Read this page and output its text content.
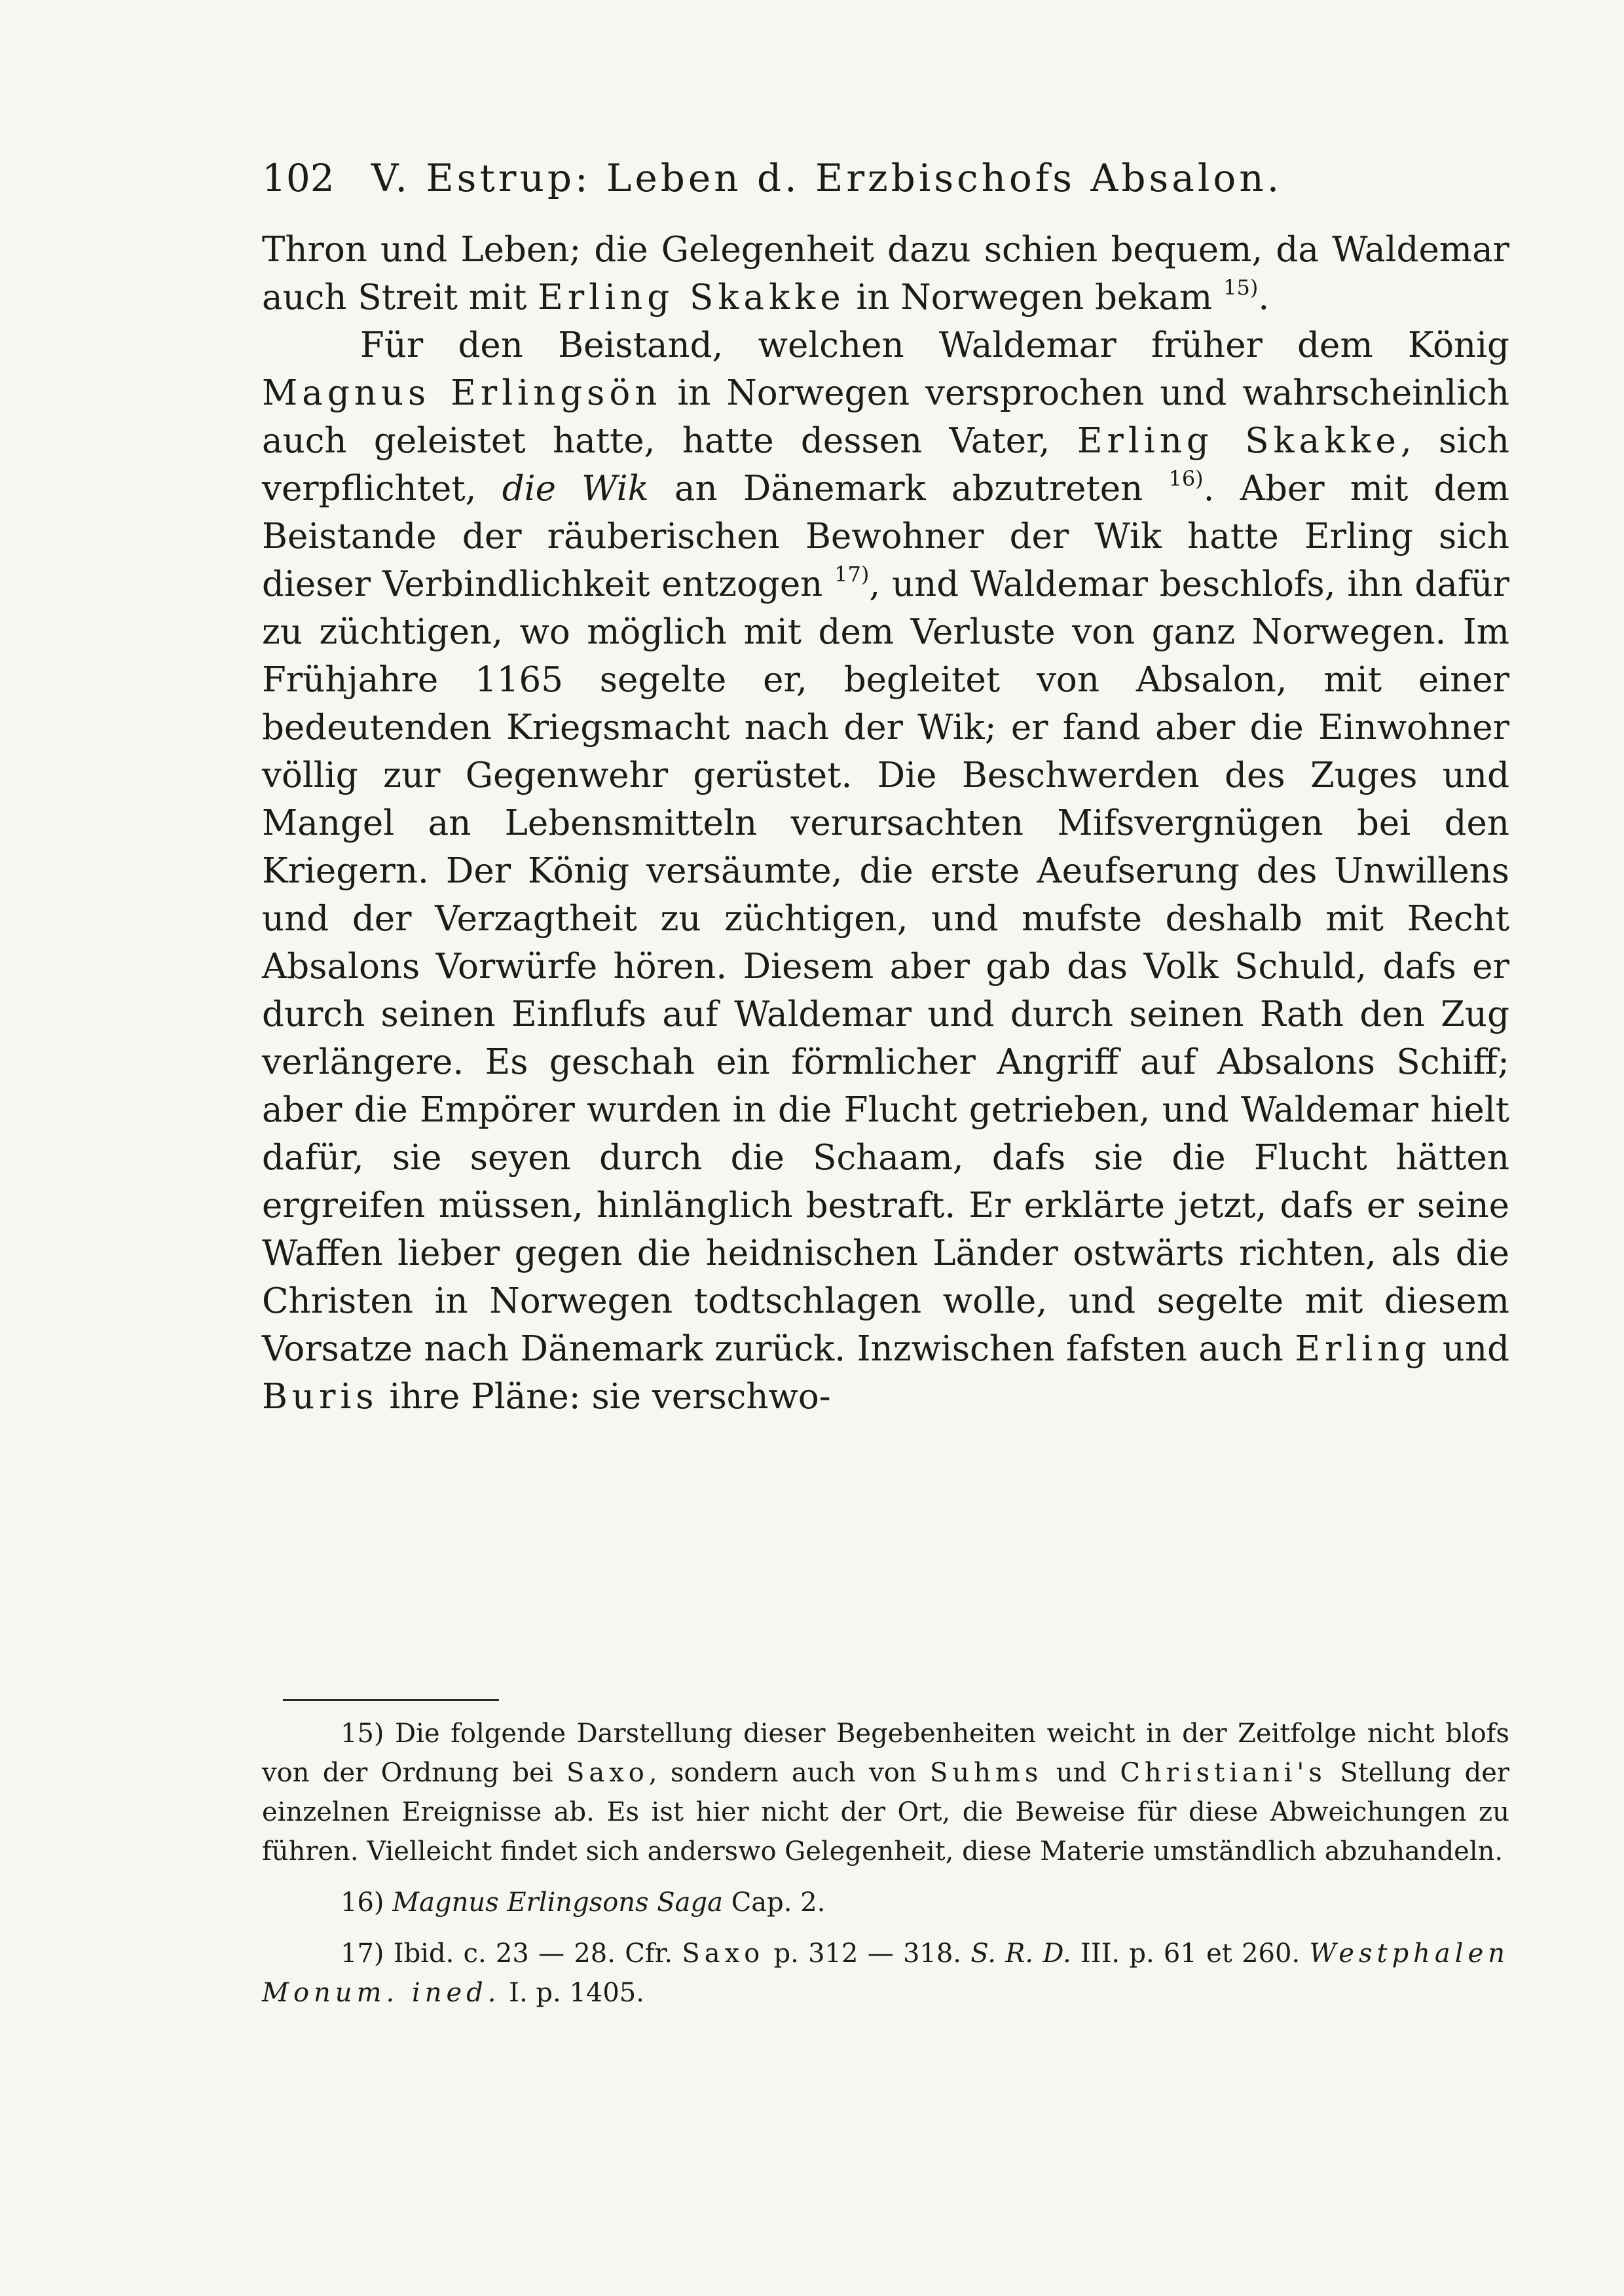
102 V. Estrup: Leben d. Erzbischofs Absalon.

Thron und Leben; die Gelegenheit dazu schien bequem, da Waldemar auch Streit mit Erling Skakke in Norwegen bekam $^{15)}$.

Für den Beistand, welchen Waldemar früher dem König Magnus Erlingsön in Norwegen versprochen und wahrscheinlich auch geleistet hatte, hatte dessen Vater, Erling Skakke, sich verpflichtet, die Wik an Dänemark abzutreten $^{16)}$. Aber mit dem Beistande der räuberischen Bewohner der Wik hatte Erling sich dieser Verbindlichkeit entzogen $^{17)}$, und Waldemar beschlofs, ihn dafür zu züchtigen, wo möglich mit dem Verluste von ganz Norwegen. Im Frühjahre 1165 segelte er, begleitet von Absalon, mit einer bedeutenden Kriegsmacht nach der Wik; er fand aber die Einwohner völlig zur Gegenwehr gerüstet. Die Beschwerden des Zuges und Mangel an Lebensmitteln verursachten Mifsvergnügen bei den Kriegern. Der König versäumte, die erste Aeufserung des Unwillens und der Verzagtheit zu züchtigen, und mufste deshalb mit Recht Absalons Vorwürfe hören. Diesem aber gab das Volk Schuld, dafs er durch seinen Einflufs auf Waldemar und durch seinen Rath den Zug verlängere. Es geschah ein förmlicher Angriff auf Absalons Schiff; aber die Empörer wurden in die Flucht getrieben, und Waldemar hielt dafür, sie seyen durch die Schaam, dafs sie die Flucht hätten ergreifen müssen, hinlänglich bestraft. Er erklärte jetzt, dafs er seine Waffen lieber gegen die heidnischen Länder ostwärts richten, als die Christen in Norwegen todtschlagen wolle, und segelte mit diesem Vorsatze nach Dänemark zurück. Inzwischen fafsten auch Erling und Buris ihre Pläne: sie verschwo-

15) Die folgende Darstellung dieser Begebenheiten weicht in der Zeitfolge nicht blofs von der Ordnung bei Saxo, sondern auch von Suhms und Christiani's Stellung der einzelnen Ereignisse ab. Es ist hier nicht der Ort, die Beweise für diese Abweichungen zu führen. Vielleicht findet sich anderswo Gelegenheit, diese Materie umständlich abzuhandeln.

16) Magnus Erlingsons Saga Cap. 2.

17) Ibid. c. 23 — 28. Cfr. Saxo p. 312 — 318. S. R. D. III. p. 61 et 260. Westphalen Monum. ined. I. p. 1405.
